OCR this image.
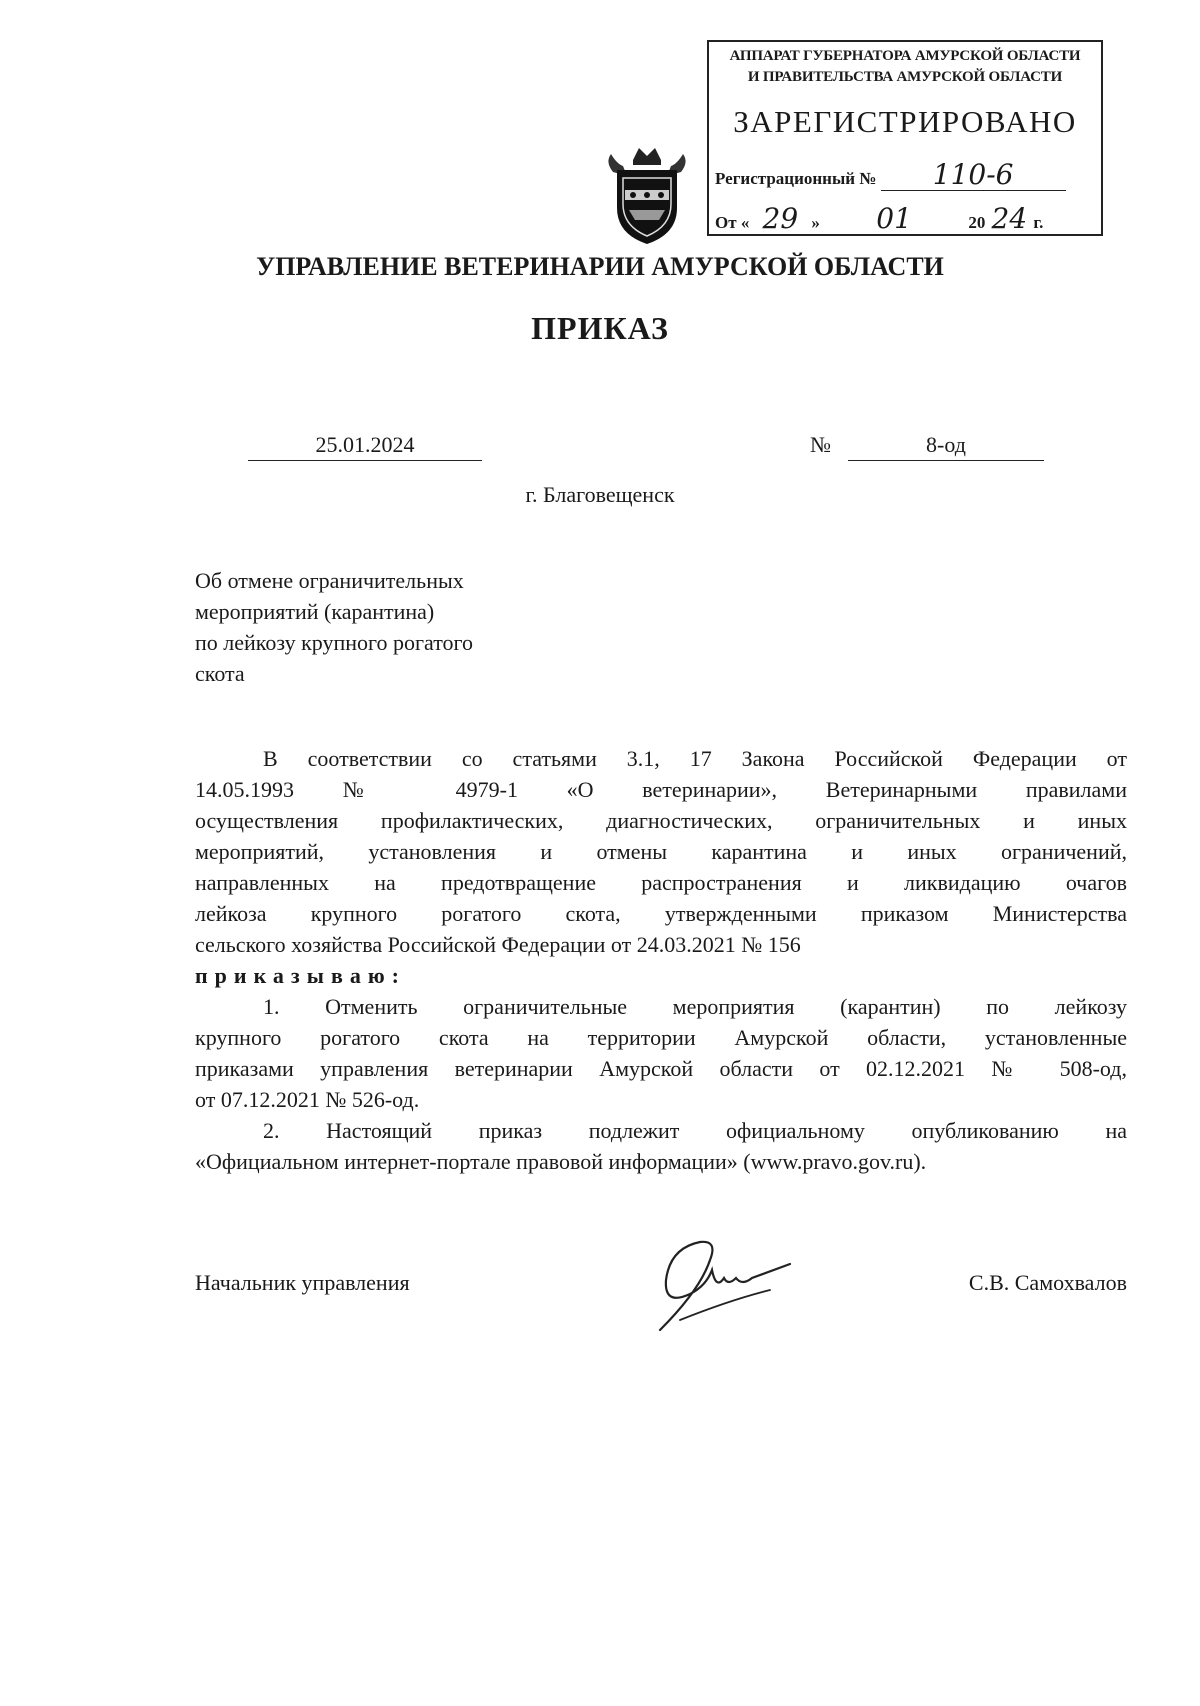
АППАРАТ ГУБЕРНАТОРА АМУРСКОЙ ОБЛАСТИ
И ПРАВИТЕЛЬСТВА АМУРСКОЙ ОБЛАСТИ
ЗАРЕГИСТРИРОВАНО
Регистрационный № 110-6
От « 29 » 01	20 24 г.
УПРАВЛЕНИЕ ВЕТЕРИНАРИИ АМУРСКОЙ ОБЛАСТИ
ПРИКАЗ
25.01.2024	№	8-од
г. Благовещенск
Об отмене ограничительных
мероприятий (карантина)
по лейкозу крупного рогатого
скота
В соответствии со статьями 3.1, 17 Закона Российской Федерации от
14.05.1993 № 4979-1 «О ветеринарии», Ветеринарными правилами
осуществления профилактических, диагностических, ограничительных и иных
мероприятий, установления и отмены карантина и иных ограничений,
направленных на предотвращение распространения и ликвидацию очагов
лейкоза крупного рогатого скота, утвержденными приказом Министерства
сельского хозяйства Российской Федерации от 24.03.2021 № 156
приказываю:
1. Отменить ограничительные мероприятия (карантин) по лейкозу
крупного рогатого скота на территории Амурской области, установленные
приказами управления ветеринарии Амурской области от 02.12.2021 № 508-од,
от 07.12.2021 № 526-од.
2. Настоящий приказ подлежит официальному опубликованию на
«Официальном интернет-портале правовой информации» (www.pravo.gov.ru).
Начальник управления	С.В. Самохвалов
